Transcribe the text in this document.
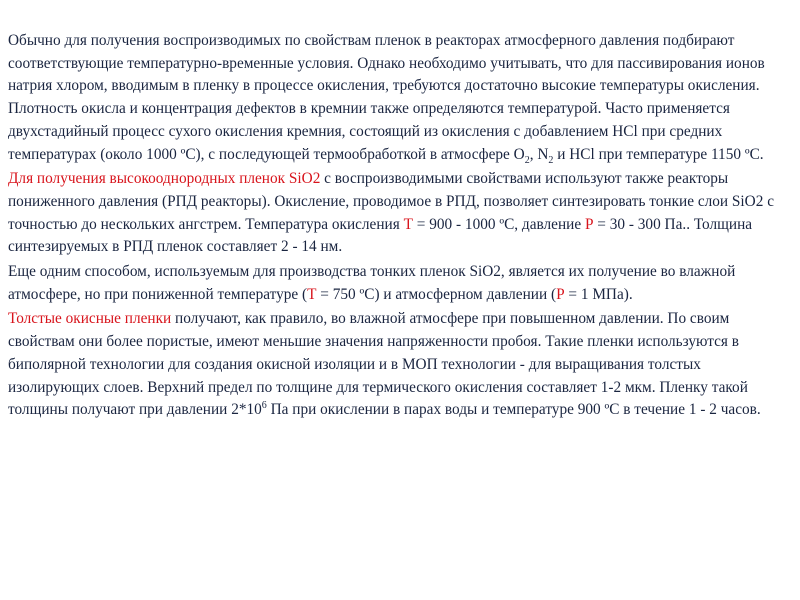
Обычно для получения воспроизводимых по свойствам пленок в реакторах атмосферного давления подбирают соответствующие температурно-временные условия. Однако необходимо учитывать, что для пассивирования ионов натрия хлором, вводимым в пленку в процессе окисления, требуются достаточно высокие температуры окисления. Плотность окисла и концентрация дефектов в кремнии также определяются температурой. Часто применяется двухстадийный процесс сухого окисления кремния, состоящий из окисления с добавлением HCl при средних температурах (около 1000 ºС), с последующей термообработкой в атмосфере $O_2$, $N_2$ и HCl при температуре 1150 ºС.

Для получения высокооднородных пленок SiO2 с воспроизводимыми свойствами используют также реакторы пониженного давления (РПД реакторы). Окисление, проводимое в РПД, позволяет синтезировать тонкие слои SiO2 с точностью до нескольких ангстрем. Температура окисления Т = 900 - 1000 ºС, давление Р = 30 - 300 Па.. Толщина синтезируемых в РПД пленок составляет 2 - 14 нм.

Еще одним способом, используемым для производства тонких пленок SiO2, является их получение во влажной атмосфере, но при пониженной температуре (Т = 750 ºС) и атмосферном давлении (Р = 1 МПа).

Толстые окисные пленки получают, как правило, во влажной атмосфере при повышенном давлении. По своим свойствам они более пористые, имеют меньшие значения напряженности пробоя. Такие пленки используются в биполярной технологии для создания окисной изоляции и в МОП технологии - для выращивания толстых изолирующих слоев. Верхний предел по толщине для термического окисления составляет 1-2 мкм. Пленку такой толщины получают при давлении $2*10^6$ Па при окислении в парах воды и температуре 900 ºС в течение 1 - 2 часов.
